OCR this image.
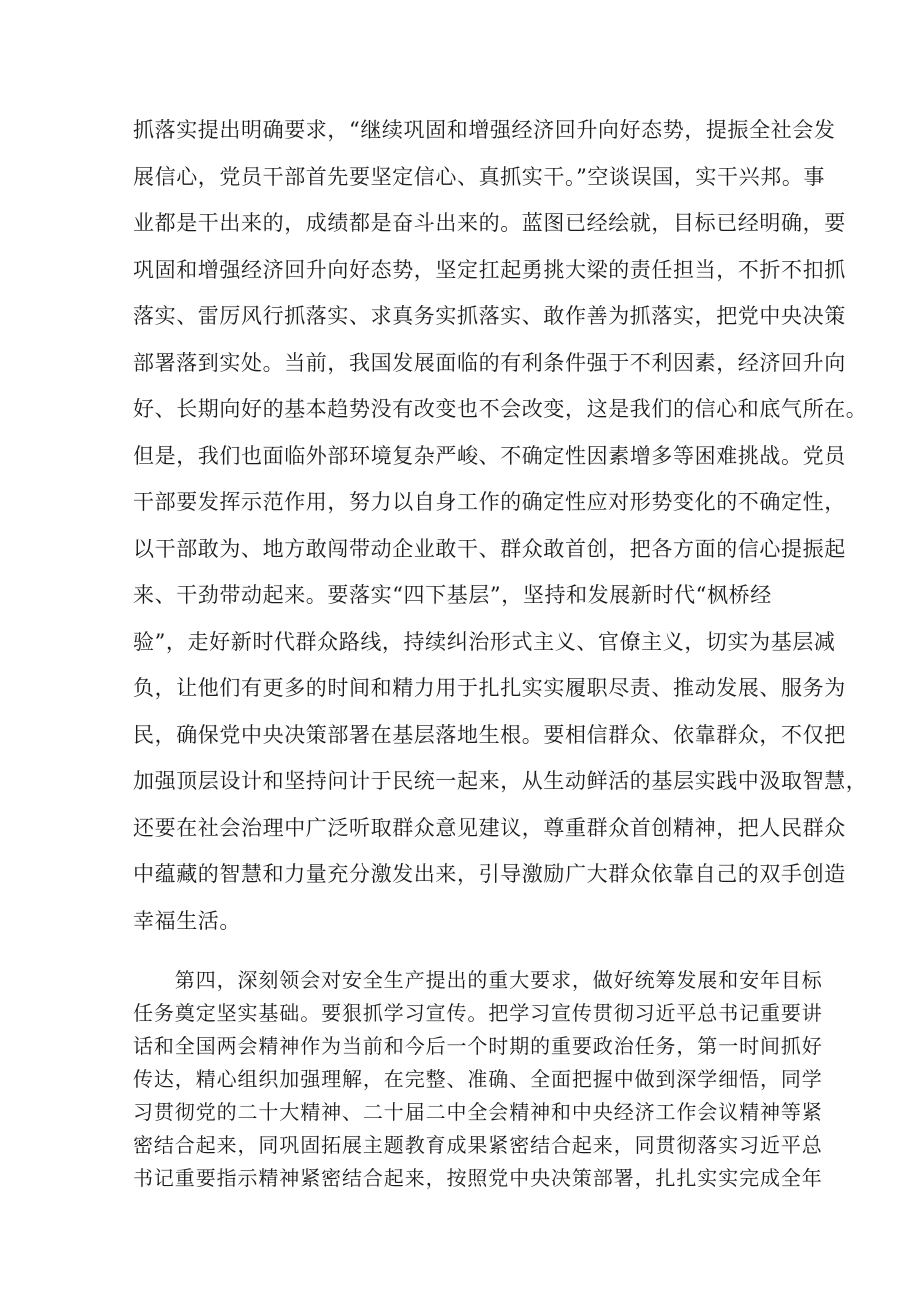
抓落实提出明确要求，“继续巩固和增强经济回升向好态势，提振全社会发
展信心，党员干部首先要坚定信心、真抓实干。”空谈误国，实干兴邦。事
业都是干出来的，成绩都是奋斗出来的。蓝图已经绘就，目标已经明确，要
巩固和增强经济回升向好态势，坚定扛起勇挑大梁的责任担当，不折不扣抓
落实、雷厉风行抓落实、求真务实抓落实、敢作善为抓落实，把党中央决策
部署落到实处。当前，我国发展面临的有利条件强于不利因素，经济回升向
好、长期向好的基本趋势没有改变也不会改变，这是我们的信心和底气所在。
但是，我们也面临外部环境复杂严峻、不确定性因素增多等困难挑战。党员
干部要发挥示范作用，努力以自身工作的确定性应对形势变化的不确定性，
以干部敢为、地方敢闯带动企业敢干、群众敢首创，把各方面的信心提振起
来、干劲带动起来。要落实“四下基层”，坚持和发展新时代“枫桥经
验”，走好新时代群众路线，持续纠治形式主义、官僚主义，切实为基层减
负，让他们有更多的时间和精力用于扎扎实实履职尽责、推动发展、服务为
民，确保党中央决策部署在基层落地生根。要相信群众、依靠群众，不仅把
加强顶层设计和坚持问计于民统一起来，从生动鲜活的基层实践中汲取智慧，
还要在社会治理中广泛听取群众意见建议，尊重群众首创精神，把人民群众
中蕴藏的智慧和力量充分激发出来，引导激励广大群众依靠自己的双手创造
幸福生活。
　　第四，深刻领会对安全生产提出的重大要求，做好统筹发展和安年目标
任务奠定坚实基础。要狠抓学习宣传。把学习宣传贯彻习近平总书记重要讲
话和全国两会精神作为当前和今后一个时期的重要政治任务，第一时间抓好
传达，精心组织加强理解，在完整、准确、全面把握中做到深学细悟，同学
习贯彻党的二十大精神、二十届二中全会精神和中央经济工作会议精神等紧
密结合起来，同巩固拓展主题教育成果紧密结合起来，同贯彻落实习近平总
书记重要指示精神紧密结合起来，按照党中央决策部署，扎扎实实完成全年
